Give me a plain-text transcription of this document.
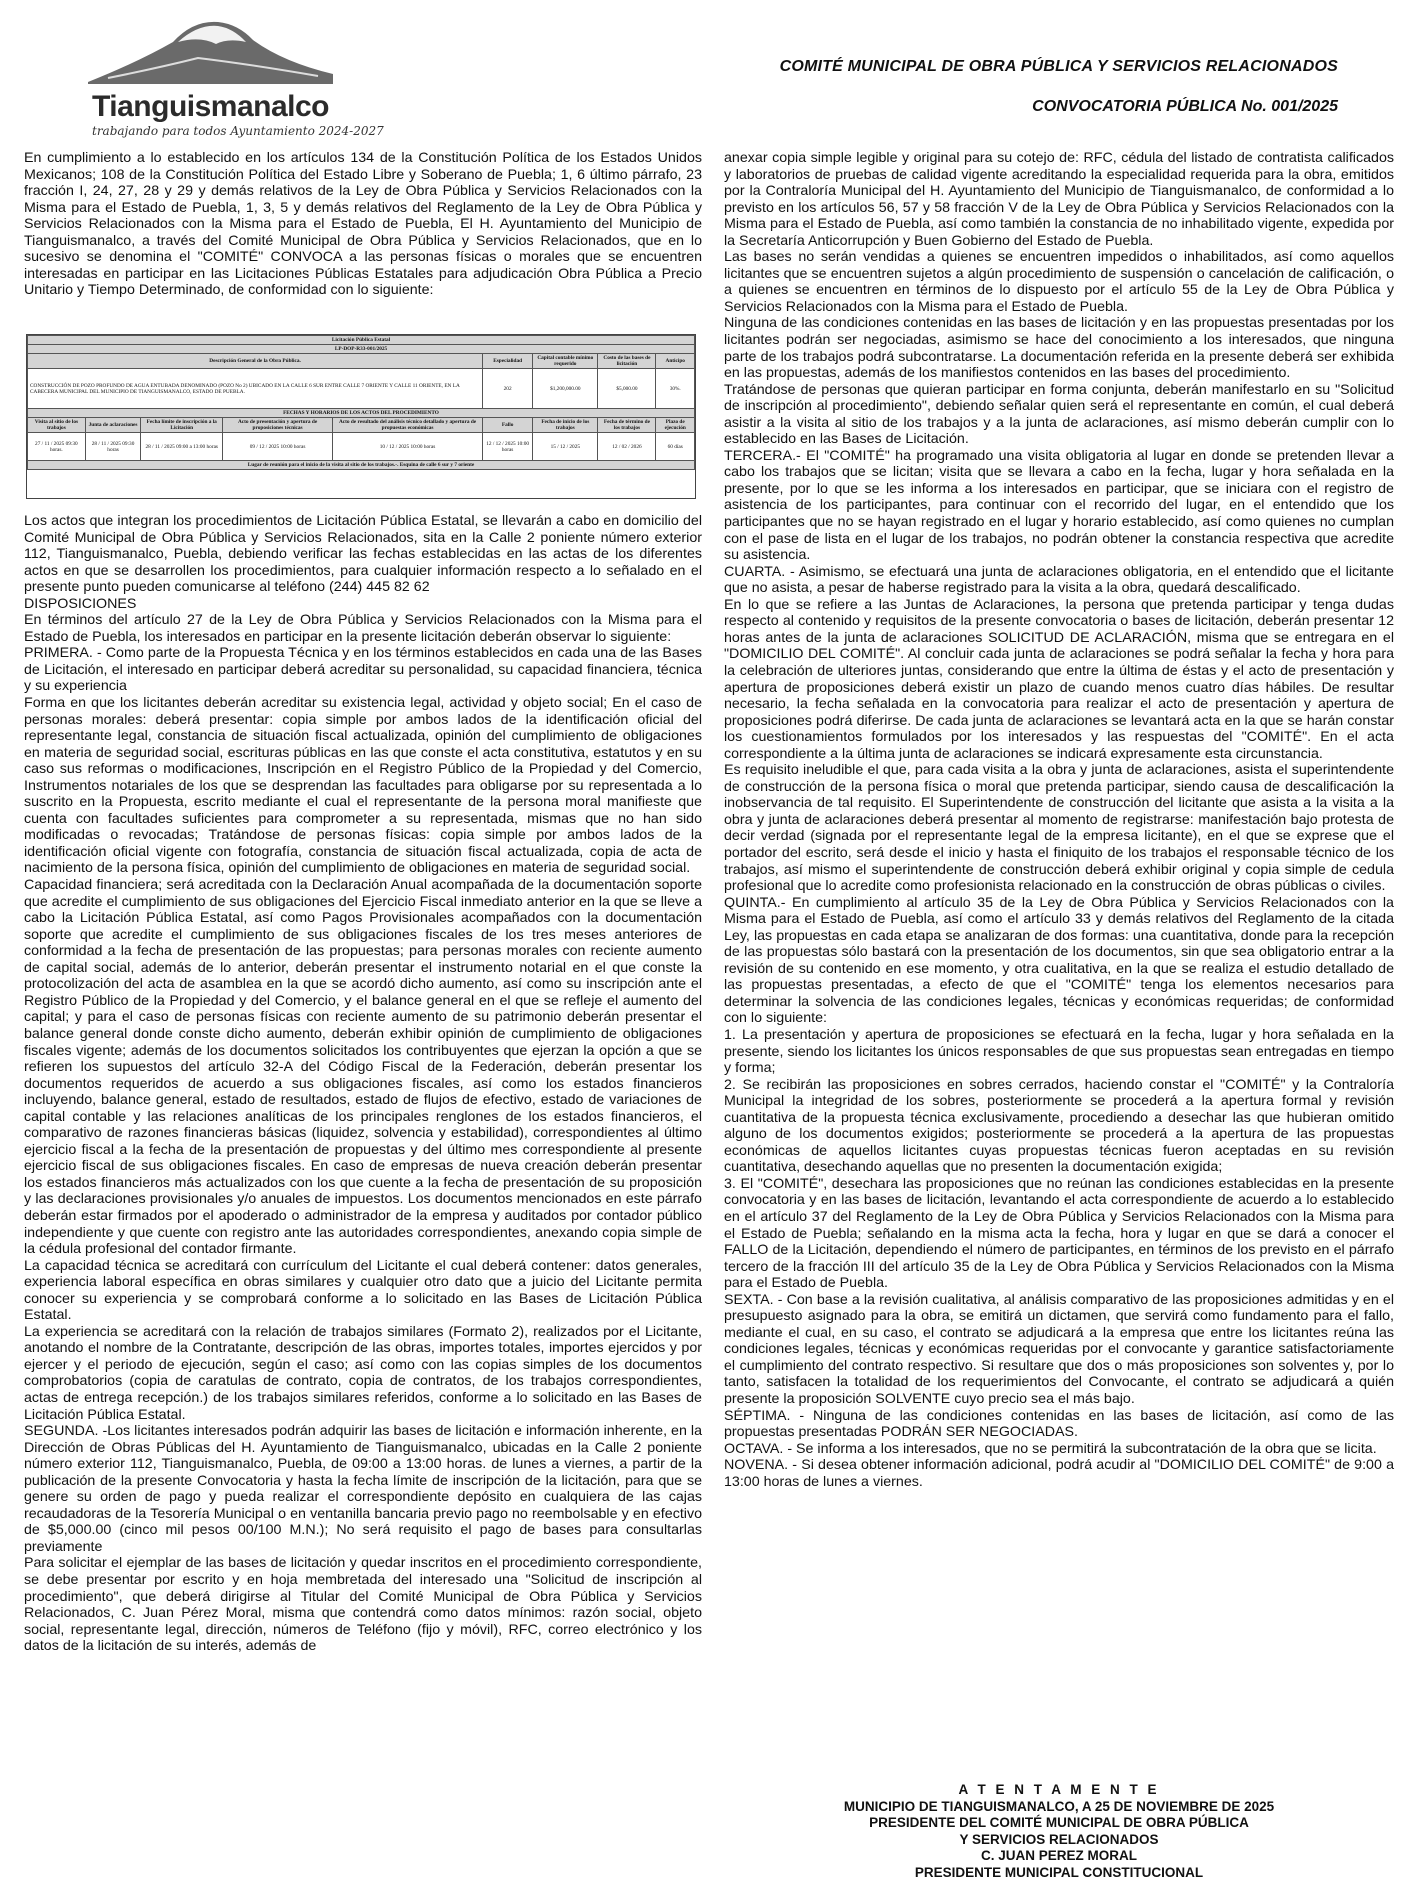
Tianguismanalco
trabajando para todos Ayuntamiento 2024-2027
COMITÉ MUNICIPAL DE OBRA PÚBLICA Y SERVICIOS RELACIONADOS
CONVOCATORIA PÚBLICA No. 001/2025

En cumplimiento a lo establecido en los artículos 134 de la Constitución Política de los Estados Unidos Mexicanos; 108 de la Constitución Política del Estado Libre y Soberano de Puebla; 1, 6 último párrafo, 23 fracción I, 24, 27, 28 y 29 y demás relativos de la Ley de Obra Pública y Servicios Relacionados con la Misma para el Estado de Puebla, 1, 3, 5 y demás relativos del Reglamento de la Ley de Obra Pública y Servicios Relacionados con la Misma para el Estado de Puebla, El H. Ayuntamiento del Municipio de Tianguismanalco, a través del Comité Municipal de Obra Pública y Servicios Relacionados, que en lo sucesivo se denomina el "COMITÉ" CONVOCA a las personas físicas o morales que se encuentren interesadas en participar en las Licitaciones Públicas Estatales para adjudicación Obra Pública a Precio Unitario y Tiempo Determinado, de conformidad con lo siguiente:

Licitación Pública Estatal								
LP-DOP-R33-001/2025								
Descripción General de la Obra Pública.					Especialidad	Capital contable mínimo requerido	Costo de las bases de licitación	Anticipo
CONSTRUCCIÓN DE POZO PROFUNDO DE AGUA ENTUBADA DENOMINADO (POZO No 2) UBICADO EN LA CALLE 6 SUR ENTRE CALLE 7 ORIENTE Y CALLE 11 ORIENTE, EN LA CABECERA MUNICIPAL DEL MUNICIPIO DE TIANGUISMANALCO, ESTADO DE PUEBLA.					202	$1,200,000.00	$5,000.00	30%.
FECHAS Y HORARIOS DE LOS ACTOS DEL PROCEDIMIENTO								
Visita al sitio de los trabajos	Junta de aclaraciones	Fecha límite de inscripción a la Licitación	Acto de presentación y apertura de proposiciones técnicas	Acto de resultado del análisis técnico detallado y apertura de propuestas económicas	Fallo	Fecha de inicio de los trabajos	Fecha de término de los trabajos	Plazo de ejecución
27 / 11 / 2025 09:30 horas.	28 / 11 / 2025 09:30 horas	28 / 11 / 2025 09:00 a 13:00 horas	09 / 12 / 2025 10:00 horas	10 / 12 / 2025 10:00 horas	12 / 12 / 2025 10:00 horas	15 / 12 / 2025	12 / 02 / 2026	60 días
Lugar de reunión para el inicio de la visita al sitio de los trabajos.-. Esquina de calle 6 sur y 7 oriente								

Los actos que integran los procedimientos de Licitación Pública Estatal, se llevarán a cabo en domicilio del Comité Municipal de Obra Pública y Servicios Relacionados, sita en la Calle 2 poniente número exterior 112, Tianguismanalco, Puebla, debiendo verificar las fechas establecidas en las actas de los diferentes actos en que se desarrollen los procedimientos, para cualquier información respecto a lo señalado en el presente punto pueden comunicarse al teléfono (244) 445 82 62

DISPOSICIONES

En términos del artículo 27 de la Ley de Obra Pública y Servicios Relacionados con la Misma para el Estado de Puebla, los interesados en participar en la presente licitación deberán observar lo siguiente:

PRIMERA. - Como parte de la Propuesta Técnica y en los términos establecidos en cada una de las Bases de Licitación, el interesado en participar deberá acreditar su personalidad, su capacidad financiera, técnica y su experiencia

Forma en que los licitantes deberán acreditar su existencia legal, actividad y objeto social; En el caso de personas morales: deberá presentar: copia simple por ambos lados de la identificación oficial del representante legal, constancia de situación fiscal actualizada, opinión del cumplimiento de obligaciones en materia de seguridad social, escrituras públicas en las que conste el acta constitutiva, estatutos y en su caso sus reformas o modificaciones, Inscripción en el Registro Público de la Propiedad y del Comercio, Instrumentos notariales de los que se desprendan las facultades para obligarse por su representada a lo suscrito en la Propuesta, escrito mediante el cual el representante de la persona moral manifieste que cuenta con facultades suficientes para comprometer a su representada, mismas que no han sido modificadas o revocadas; Tratándose de personas físicas: copia simple por ambos lados de la identificación oficial vigente con fotografía, constancia de situación fiscal actualizada, copia de acta de nacimiento de la persona física, opinión del cumplimiento de obligaciones en materia de seguridad social.

Capacidad financiera; será acreditada con la Declaración Anual acompañada de la documentación soporte que acredite el cumplimiento de sus obligaciones del Ejercicio Fiscal inmediato anterior en la que se lleve a cabo la Licitación Pública Estatal, así como Pagos Provisionales acompañados con la documentación soporte que acredite el cumplimiento de sus obligaciones fiscales de los tres meses anteriores de conformidad a la fecha de presentación de las propuestas; para personas morales con reciente aumento de capital social, además de lo anterior, deberán presentar el instrumento notarial en el que conste la protocolización del acta de asamblea en la que se acordó dicho aumento, así como su inscripción ante el Registro Público de la Propiedad y del Comercio, y el balance general en el que se refleje el aumento del capital; y para el caso de personas físicas con reciente aumento de su patrimonio deberán presentar el balance general donde conste dicho aumento, deberán exhibir opinión de cumplimiento de obligaciones fiscales vigente; además de los documentos solicitados los contribuyentes que ejerzan la opción a que se refieren los supuestos del artículo 32-A del Código Fiscal de la Federación, deberán presentar los documentos requeridos de acuerdo a sus obligaciones fiscales, así como los estados financieros incluyendo, balance general, estado de resultados, estado de flujos de efectivo, estado de variaciones de capital contable y las relaciones analíticas de los principales renglones de los estados financieros, el comparativo de razones financieras básicas (liquidez, solvencia y estabilidad), correspondientes al último ejercicio fiscal a la fecha de la presentación de propuestas y del último mes correspondiente al presente ejercicio fiscal de sus obligaciones fiscales. En caso de empresas de nueva creación deberán presentar los estados financieros más actualizados con los que cuente a la fecha de presentación de su proposición y las declaraciones provisionales y/o anuales de impuestos. Los documentos mencionados en este párrafo deberán estar firmados por el apoderado o administrador de la empresa y auditados por contador público independiente y que cuente con registro ante las autoridades correspondientes, anexando copia simple de la cédula profesional del contador firmante.

La capacidad técnica se acreditará con currículum del Licitante el cual deberá contener: datos generales, experiencia laboral específica en obras similares y cualquier otro dato que a juicio del Licitante permita conocer su experiencia y se comprobará conforme a lo solicitado en las Bases de Licitación Pública Estatal.

La experiencia se acreditará con la relación de trabajos similares (Formato 2), realizados por el Licitante, anotando el nombre de la Contratante, descripción de las obras, importes totales, importes ejercidos y por ejercer y el periodo de ejecución, según el caso; así como con las copias simples de los documentos comprobatorios (copia de caratulas de contrato, copia de contratos, de los trabajos correspondientes, actas de entrega recepción.) de los trabajos similares referidos, conforme a lo solicitado en las Bases de Licitación Pública Estatal.

SEGUNDA. -Los licitantes interesados podrán adquirir las bases de licitación e información inherente, en la Dirección de Obras Públicas del H. Ayuntamiento de Tianguismanalco, ubicadas en la Calle 2 poniente número exterior 112, Tianguismanalco, Puebla, de 09:00 a 13:00 horas. de lunes a viernes, a partir de la publicación de la presente Convocatoria y hasta la fecha límite de inscripción de la licitación, para que se genere su orden de pago y pueda realizar el correspondiente depósito en cualquiera de las cajas recaudadoras de la Tesorería Municipal o en ventanilla bancaria previo pago no reembolsable y en efectivo de $5,000.00 (cinco mil pesos 00/100 M.N.); No será requisito el pago de bases para consultarlas previamente

Para solicitar el ejemplar de las bases de licitación y quedar inscritos en el procedimiento correspondiente, se debe presentar por escrito y en hoja membretada del interesado una "Solicitud de inscripción al procedimiento", que deberá dirigirse al Titular del Comité Municipal de Obra Pública y Servicios Relacionados, C. Juan Pérez Moral, misma que contendrá como datos mínimos: razón social, objeto social, representante legal, dirección, números de Teléfono (fijo y móvil), RFC, correo electrónico y los datos de la licitación de su interés, además de

anexar copia simple legible y original para su cotejo de: RFC, cédula del listado de contratista calificados y laboratorios de pruebas de calidad vigente acreditando la especialidad requerida para la obra, emitidos por la Contraloría Municipal del H. Ayuntamiento del Municipio de Tianguismanalco, de conformidad a lo previsto en los artículos 56, 57 y 58 fracción V de la Ley de Obra Pública y Servicios Relacionados con la Misma para el Estado de Puebla, así como también la constancia de no inhabilitado vigente, expedida por la Secretaría Anticorrupción y Buen Gobierno del Estado de Puebla.

Las bases no serán vendidas a quienes se encuentren impedidos o inhabilitados, así como aquellos licitantes que se encuentren sujetos a algún procedimiento de suspensión o cancelación de calificación, o a quienes se encuentren en términos de lo dispuesto por el artículo 55 de la Ley de Obra Pública y Servicios Relacionados con la Misma para el Estado de Puebla.

Ninguna de las condiciones contenidas en las bases de licitación y en las propuestas presentadas por los licitantes podrán ser negociadas, asimismo se hace del conocimiento a los interesados, que ninguna parte de los trabajos podrá subcontratarse. La documentación referida en la presente deberá ser exhibida en las propuestas, además de los manifiestos contenidos en las bases del procedimiento.

Tratándose de personas que quieran participar en forma conjunta, deberán manifestarlo en su "Solicitud de inscripción al procedimiento", debiendo señalar quien será el representante en común, el cual deberá asistir a la visita al sitio de los trabajos y a la junta de aclaraciones, así mismo deberán cumplir con lo establecido en las Bases de Licitación.

TERCERA.- El "COMITÉ" ha programado una visita obligatoria al lugar en donde se pretenden llevar a cabo los trabajos que se licitan; visita que se llevara a cabo en la fecha, lugar y hora señalada en la presente, por lo que se les informa a los interesados en participar, que se iniciara con el registro de asistencia de los participantes, para continuar con el recorrido del lugar, en el entendido que los participantes que no se hayan registrado en el lugar y horario establecido, así como quienes no cumplan con el pase de lista en el lugar de los trabajos, no podrán obtener la constancia respectiva que acredite su asistencia.

CUARTA. - Asimismo, se efectuará una junta de aclaraciones obligatoria, en el entendido que el licitante que no asista, a pesar de haberse registrado para la visita a la obra, quedará descalificado.

En lo que se refiere a las Juntas de Aclaraciones, la persona que pretenda participar y tenga dudas respecto al contenido y requisitos de la presente convocatoria o bases de licitación, deberán presentar 12 horas antes de la junta de aclaraciones SOLICITUD DE ACLARACIÓN, misma que se entregara en el "DOMICILIO DEL COMITÉ". Al concluir cada junta de aclaraciones se podrá señalar la fecha y hora para la celebración de ulteriores juntas, considerando que entre la última de éstas y el acto de presentación y apertura de proposiciones deberá existir un plazo de cuando menos cuatro días hábiles. De resultar necesario, la fecha señalada en la convocatoria para realizar el acto de presentación y apertura de proposiciones podrá diferirse. De cada junta de aclaraciones se levantará acta en la que se harán constar los cuestionamientos formulados por los interesados y las respuestas del "COMITÉ". En el acta correspondiente a la última junta de aclaraciones se indicará expresamente esta circunstancia.

Es requisito ineludible el que, para cada visita a la obra y junta de aclaraciones, asista el superintendente de construcción de la persona física o moral que pretenda participar, siendo causa de descalificación la inobservancia de tal requisito. El Superintendente de construcción del licitante que asista a la visita a la obra y junta de aclaraciones deberá presentar al momento de registrarse: manifestación bajo protesta de decir verdad (signada por el representante legal de la empresa licitante), en el que se exprese que el portador del escrito, será desde el inicio y hasta el finiquito de los trabajos el responsable técnico de los trabajos, así mismo el superintendente de construcción deberá exhibir original y copia simple de cedula profesional que lo acredite como profesionista relacionado en la construcción de obras públicas o civiles.

QUINTA.- En cumplimiento al artículo 35 de la Ley de Obra Pública y Servicios Relacionados con la Misma para el Estado de Puebla, así como el artículo 33 y demás relativos del Reglamento de la citada Ley, las propuestas en cada etapa se analizaran de dos formas: una cuantitativa, donde para la recepción de las propuestas sólo bastará con la presentación de los documentos, sin que sea obligatorio entrar a la revisión de su contenido en ese momento, y otra cualitativa, en la que se realiza el estudio detallado de las propuestas presentadas, a efecto de que el "COMITÉ" tenga los elementos necesarios para determinar la solvencia de las condiciones legales, técnicas y económicas requeridas; de conformidad con lo siguiente:

1. La presentación y apertura de proposiciones se efectuará en la fecha, lugar y hora señalada en la presente, siendo los licitantes los únicos responsables de que sus propuestas sean entregadas en tiempo y forma;

2. Se recibirán las proposiciones en sobres cerrados, haciendo constar el "COMITÉ" y la Contraloría Municipal la integridad de los sobres, posteriormente se procederá a la apertura formal y revisión cuantitativa de la propuesta técnica exclusivamente, procediendo a desechar las que hubieran omitido alguno de los documentos exigidos; posteriormente se procederá a la apertura de las propuestas económicas de aquellos licitantes cuyas propuestas técnicas fueron aceptadas en su revisión cuantitativa, desechando aquellas que no presenten la documentación exigida;

3. El "COMITÉ", desechara las proposiciones que no reúnan las condiciones establecidas en la presente convocatoria y en las bases de licitación, levantando el acta correspondiente de acuerdo a lo establecido en el artículo 37 del Reglamento de la Ley de Obra Pública y Servicios Relacionados con la Misma para el Estado de Puebla; señalando en la misma acta la fecha, hora y lugar en que se dará a conocer el FALLO de la Licitación, dependiendo el número de participantes, en términos de los previsto en el párrafo tercero de la fracción III del artículo 35 de la Ley de Obra Pública y Servicios Relacionados con la Misma para el Estado de Puebla.

SEXTA. - Con base a la revisión cualitativa, al análisis comparativo de las proposiciones admitidas y en el presupuesto asignado para la obra, se emitirá un dictamen, que servirá como fundamento para el fallo, mediante el cual, en su caso, el contrato se adjudicará a la empresa que entre los licitantes reúna las condiciones legales, técnicas y económicas requeridas por el convocante y garantice satisfactoriamente el cumplimiento del contrato respectivo. Si resultare que dos o más proposiciones son solventes y, por lo tanto, satisfacen la totalidad de los requerimientos del Convocante, el contrato se adjudicará a quién presente la proposición SOLVENTE cuyo precio sea el más bajo.

SÉPTIMA. - Ninguna de las condiciones contenidas en las bases de licitación, así como de las propuestas presentadas PODRÁN SER NEGOCIADAS.

OCTAVA. - Se informa a los interesados, que no se permitirá la subcontratación de la obra que se licita.

NOVENA. - Si desea obtener información adicional, podrá acudir al "DOMICILIO DEL COMITÉ" de 9:00 a 13:00 horas de lunes a viernes.

A T E N T A M E N T E
MUNICIPIO DE TIANGUISMANALCO, A 25 DE NOVIEMBRE DE 2025
PRESIDENTE DEL COMITÉ MUNICIPAL DE OBRA PÚBLICA
Y SERVICIOS RELACIONADOS
C. JUAN PEREZ MORAL
PRESIDENTE MUNICIPAL CONSTITUCIONAL
